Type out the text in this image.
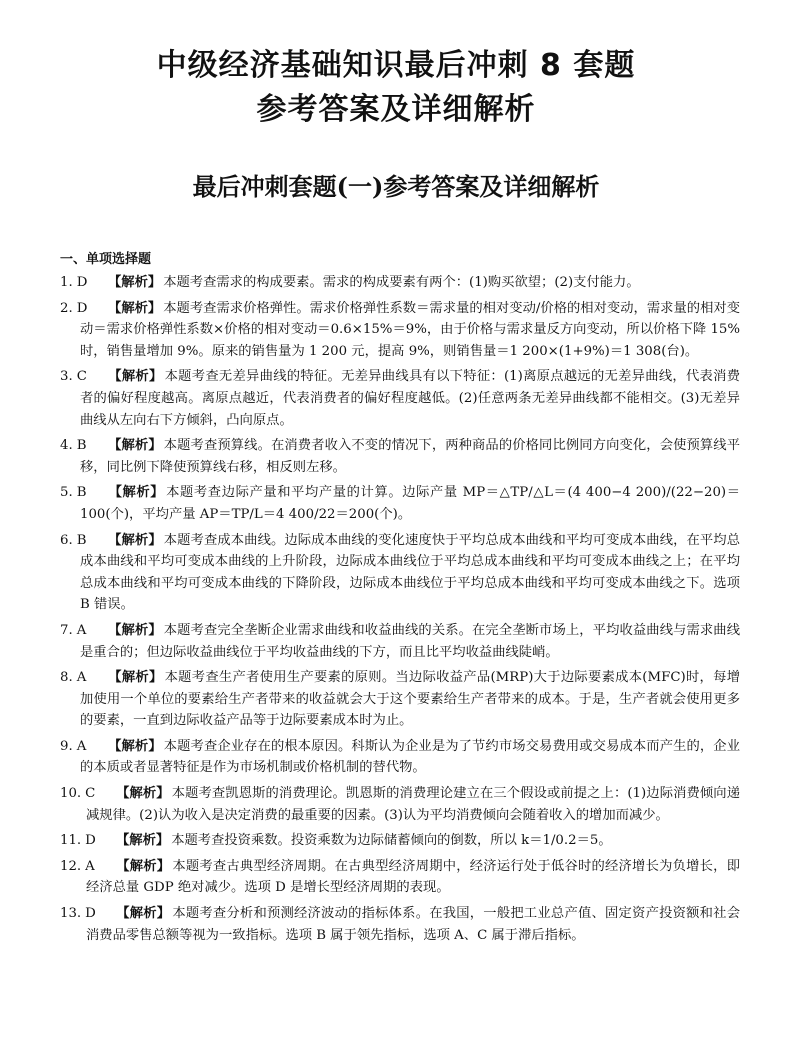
中级经济基础知识最后冲刺 8 套题
参考答案及详细解析
最后冲刺套题(一)参考答案及详细解析
一、单项选择题
1. D	【解析】 本题考查需求的构成要素。需求的构成要素有两个：(1)购买欲望；(2)支付能力。
2. D	【解析】 本题考查需求价格弹性。需求价格弹性系数＝需求量的相对变动/价格的相对变动，需求量的相对变动＝需求价格弹性系数×价格的相对变动＝0.6×15%＝9%，由于价格与需求量反方向变动，所以价格下降 15%时，销售量增加 9%。原来的销售量为 1 200 元，提高 9%，则销售量＝1 200×(1+9%)＝1 308(台)。
3. C	【解析】 本题考查无差异曲线的特征。无差异曲线具有以下特征：(1)离原点越远的无差异曲线，代表消费者的偏好程度越高。离原点越近，代表消费者的偏好程度越低。(2)任意两条无差异曲线都不能相交。(3)无差异曲线从左向右下方倾斜，凸向原点。
4. B	【解析】 本题考查预算线。在消费者收入不变的情况下，两种商品的价格同比例同方向变化，会使预算线平移，同比例下降使预算线右移，相反则左移。
5. B	【解析】 本题考查边际产量和平均产量的计算。边际产量 MP＝△TP/△L＝(4 400−4 200)/(22−20)＝100(个)，平均产量 AP＝TP/L＝4 400/22＝200(个)。
6. B	【解析】 本题考查成本曲线。边际成本曲线的变化速度快于平均总成本曲线和平均可变成本曲线，在平均总成本曲线和平均可变成本曲线的上升阶段，边际成本曲线位于平均总成本曲线和平均可变成本曲线之上；在平均总成本曲线和平均可变成本曲线的下降阶段，边际成本曲线位于平均总成本曲线和平均可变成本曲线之下。选项 B 错误。
7. A	【解析】 本题考查完全垄断企业需求曲线和收益曲线的关系。在完全垄断市场上，平均收益曲线与需求曲线是重合的；但边际收益曲线位于平均收益曲线的下方，而且比平均收益曲线陡峭。
8. A	【解析】 本题考查生产者使用生产要素的原则。当边际收益产品(MRP)大于边际要素成本(MFC)时，每增加使用一个单位的要素给生产者带来的收益就会大于这个要素给生产者带来的成本。于是，生产者就会使用更多的要素，一直到边际收益产品等于边际要素成本时为止。
9. A	【解析】 本题考查企业存在的根本原因。科斯认为企业是为了节约市场交易费用或交易成本而产生的，企业的本质或者显著特征是作为市场机制或价格机制的替代物。
10. C	【解析】 本题考查凯恩斯的消费理论。凯恩斯的消费理论建立在三个假设或前提之上：(1)边际消费倾向递减规律。(2)认为收入是决定消费的最重要的因素。(3)认为平均消费倾向会随着收入的增加而减少。
11. D	【解析】 本题考查投资乘数。投资乘数为边际储蓄倾向的倒数，所以 k＝1/0.2＝5。
12. A	【解析】 本题考查古典型经济周期。在古典型经济周期中，经济运行处于低谷时的经济增长为负增长，即经济总量 GDP 绝对减少。选项 D 是增长型经济周期的表现。
13. D	【解析】 本题考查分析和预测经济波动的指标体系。在我国，一般把工业总产值、固定资产投资额和社会消费品零售总额等视为一致指标。选项 B 属于领先指标，选项 A、C 属于滞后指标。
